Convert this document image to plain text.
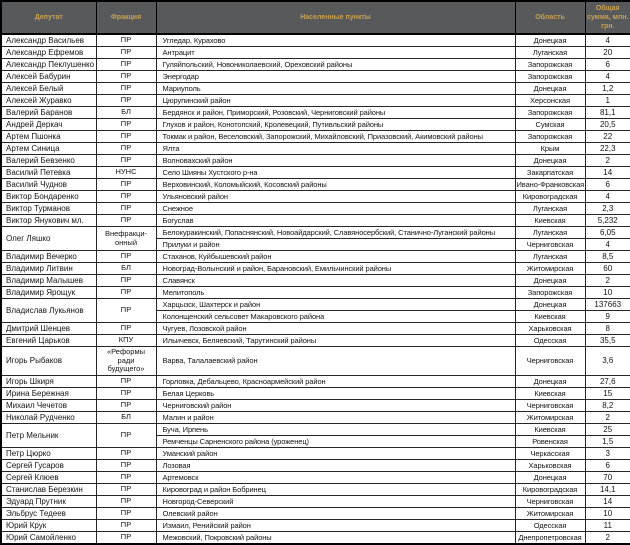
Депутат	Фракция	Населенные пункты	Область	Общая сумма, млн. грн.
Александр Васильев	ПР	Угледар, Курахово	Донецкая	4
Александр Ефремов	ПР	Антрацит	Луганская	20
Александр Пеклушенко	ПР	Гуляйпольский, Новониколаевский, Ореховский районы	Запорожская	6
Алексей Бабурин	ПР	Энергодар	Запорожская	4
Алексей Белый	ПР	Мариуполь	Донецкая	1,2
Алексей Журавко	ПР	Цюрупинский район	Херсонская	1
Валерий Баранов	БЛ	Бердянск и район, Приморский, Розовский, Черниговский районы	Запорожская	81,1
Андрей Деркач	ПР	Глухов и район, Конотопский, Кролевецкий, Путивльский районы	Сумская	20,5
Артем Пшонка	ПР	Токмак и район, Веселовский, Запорожский, Михайловский, Приазовский, Акимовский районы	Запорожская	22
Артем Синица	ПР	Ялта	Крым	22,3
Валерий Бевзенко	ПР	Волновахский район	Донецкая	2
Василий Петевка	НУНС	Село Шияны Хустского р-на	Закарпатская	14
Василий Чуднов	ПР	Верховинский, Коломыйский, Косовский районы	Ивано-Франковская	6
Виктор Бондаренко	ПР	Ульяновский район	Кировоградская	4
Виктор Турманов	ПР	Снежное	Луганская	2,3
Виктор Янукович мл.	ПР	Богуслав	Киевская	5,232
Олег Ляшко	Внефракционный	Белокуракинский, Попаснянский, Новоайдарский, Славяносербский, Станично-Луганский районы	Луганская	6,05
		Прилуки и район	Черниговская	4
Владимир Вечерко	ПР	Стаханов, Куйбышевский район	Луганская	8,5
Владимир Литвин	БЛ	Новоград-Волынский и район, Барановский, Емильчинский районы	Житомирская	60
Владимир Малышев	ПР	Славянск	Донецкая	2
Владимир Ярощук	ПР	Мелитополь	Запорожская	10
Владислав Лукьянов	ПР	Харцызск, Шахтерск и район	Донецкая	137663
		Колонщенский сельсовет Макаровского района	Киевская	9
Дмитрий Шенцев	ПР	Чугуев, Лозовской район	Харьковская	8
Евгений Царьков	КПУ	Ильичевск, Беляевский, Тарутинский районы	Одесская	35,5
Игорь Рыбаков	«Реформы ради будущего»	Варва, Талалаевский район	Черниговская	3,6
Игорь Шкиря	ПР	Горловка, Дебальцево, Красноармейский район	Донецкая	27,6
Ирина Бережная	ПР	Белая Церковь	Киевская	15
Михаил Чечетов	ПР	Черниговский район	Черниговская	8,2
Николай Рудченко	БЛ	Малин и район	Житомирская	2
Петр Мельник	ПР	Буча, Ирпень	Киевская	25
		Ремченцы Сарненского района (уроженец)	Ровенская	1,5
Петр Цюрко	ПР	Уманский район	Черкасская	3
Сергей Гусаров	ПР	Лозовая	Харьковская	6
Сергей Клюев	ПР	Артемовск	Донецкая	70
Станислав Березкин	ПР	Кировоград и район Бобринец	Кировоградская	14,1
Эдуард Прутник	ПР	Новгород-Северский	Черниговская	14
Эльбрус Тедеев	ПР	Олевский район	Житомирская	10
Юрий Крук	ПР	Измаил, Ренийский район	Одесская	11
Юрий Самойленко	ПР	Межовский, Покровский районы	Днепропетровская	2
